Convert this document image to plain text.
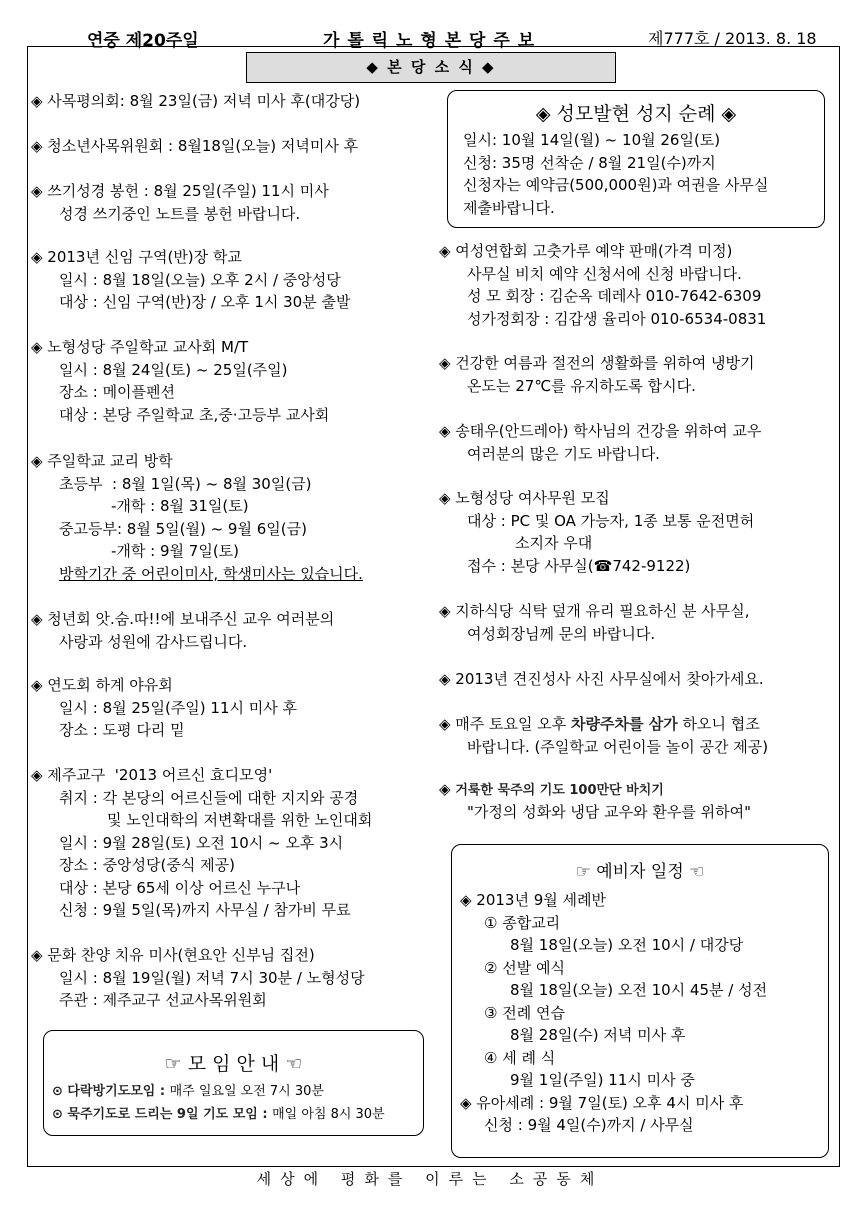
연중 제20주일	가 톨 릭 노 형 본 당 주 보	제777호 / 2013. 8. 18
◆ 본 당 소 식 ◆
◈ 사목평의회: 8월 23일(금) 저녁 미사 후(대강당)
◈ 청소년사목위원회 : 8월18일(오늘) 저녁미사 후
◈ 쓰기성경 봉헌 : 8월 25일(주일) 11시 미사
성경 쓰기중인 노트를 봉헌 바랍니다.
◈ 2013년 신임 구역(반)장 학교
일시 : 8월 18일(오늘) 오후 2시 / 중앙성당
대상 : 신임 구역(반)장 / 오후 1시 30분 출발
◈ 노형성당 주일학교 교사회 M/T
일시 : 8월 24일(토) ~ 25일(주일)
장소 : 메이플펜션
대상 : 본당 주일학교 초,중·고등부 교사회
◈ 주일학교 교리 방학
초등부  : 8월 1일(목) ~ 8월 30일(금)
-개학 : 8월 31일(토)
중고등부: 8월 5일(월) ~ 9월 6일(금)
-개학 : 9월 7일(토)
방학기간 중 어린이미사, 학생미사는 있습니다.
◈ 청년회 앗.숨.따!!에 보내주신 교우 여러분의
사랑과 성원에 감사드립니다.
◈ 연도회 하계 야유회
일시 : 8월 25일(주일) 11시 미사 후
장소 : 도평 다리 밑
◈ 제주교구  '2013 어르신 효디모영'
취지 : 각 본당의 어르신들에 대한 지지와 공경
및 노인대학의 저변확대를 위한 노인대회
일시 : 9월 28일(토) 오전 10시 ~ 오후 3시
장소 : 중앙성당(중식 제공)
대상 : 본당 65세 이상 어르신 누구나
신청 : 9월 5일(목)까지 사무실 / 참가비 무료
◈ 문화 찬양 치유 미사(현요안 신부님 집전)
일시 : 8월 19일(월) 저녁 7시 30분 / 노형성당
주관 : 제주교구 선교사목위원회
☞ 모 임 안 내 ☜
⊙ 다락방기도모임 : 매주 일요일 오전 7시 30분
⊙ 묵주기도로 드리는 9일 기도 모임 : 매일 아침 8시 30분
◈ 성모발현 성지 순례 ◈
일시: 10월 14일(월) ~ 10월 26일(토)
신청: 35명 선착순 / 8월 21일(수)까지
신청자는 예약금(500,000원)과 여권을 사무실
제출바랍니다.
◈ 여성연합회 고춧가루 예약 판매(가격 미정)
사무실 비치 예약 신청서에 신청 바랍니다.
성 모 회장 : 김순옥 데레사 010-7642-6309
성가정회장 : 김갑생 율리아 010-6534-0831
◈ 건강한 여름과 절전의 생활화를 위하여 냉방기
온도는 27℃를 유지하도록 합시다.
◈ 송태우(안드레아) 학사님의 건강을 위하여 교우
여러분의 많은 기도 바랍니다.
◈ 노형성당 여사무원 모집
대상 : PC 및 OA 가능자, 1종 보통 운전면허
소지자 우대
접수 : 본당 사무실(☎742-9122)
◈ 지하식당 식탁 덮개 유리 필요하신 분 사무실,
여성회장님께 문의 바랍니다.
◈ 2013년 견진성사 사진 사무실에서 찾아가세요.
◈ 매주 토요일 오후 차량주차를 삼가 하오니 협조
바랍니다. (주일학교 어린이들 놀이 공간 제공)
◈ 거룩한 묵주의 기도 100만단 바치기
"가정의 성화와 냉담 교우와 환우를 위하여"
☞ 예비자 일정 ☜
◈ 2013년 9월 세례반
① 종합교리
8월 18일(오늘) 오전 10시 / 대강당
② 선발 예식
8월 18일(오늘) 오전 10시 45분 / 성전
③ 전례 연습
8월 28일(수) 저녁 미사 후
④ 세 례 식
9월 1일(주일) 11시 미사 중
◈ 유아세례 : 9월 7일(토) 오후 4시 미사 후
신청 : 9월 4일(수)까지 / 사무실
세상에 평화를 이루는 소공동체
